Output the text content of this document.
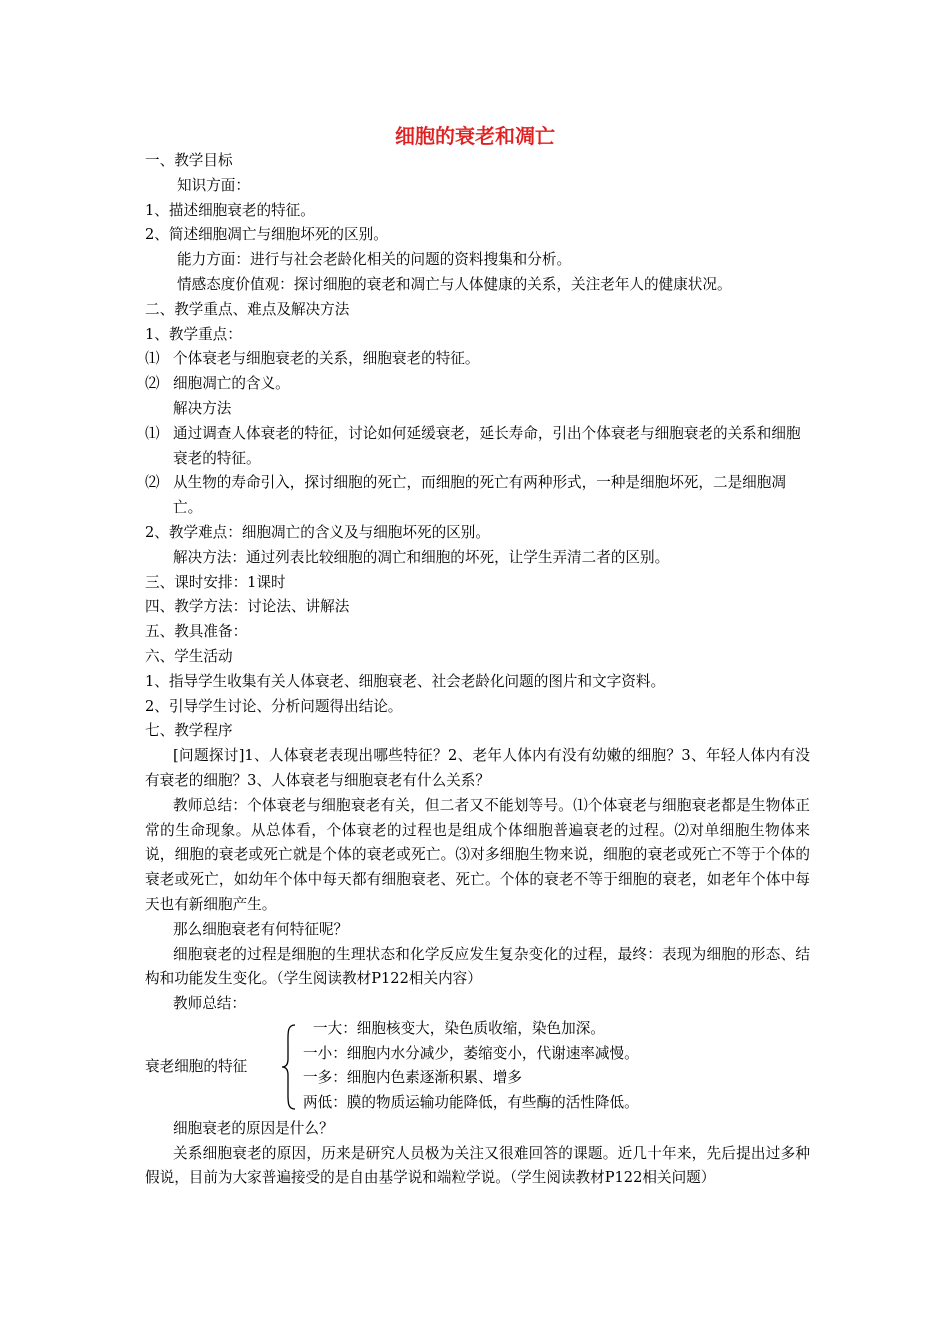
细胞的衰老和凋亡

一、教学目标

知识方面：

1、描述细胞衰老的特征。

2、简述细胞凋亡与细胞坏死的区别。

能力方面：进行与社会老龄化相关的问题的资料搜集和分析。

情感态度价值观：探讨细胞的衰老和凋亡与人体健康的关系，关注老年人的健康状况。

二、教学重点、难点及解决方法

1、教学重点：

⑴ 个体衰老与细胞衰老的关系，细胞衰老的特征。

⑵ 细胞凋亡的含义。

解决方法

⑴ 通过调查人体衰老的特征，讨论如何延缓衰老，延长寿命，引出个体衰老与细胞衰老的关系和细胞衰老的特征。

⑵ 从生物的寿命引入，探讨细胞的死亡，而细胞的死亡有两种形式，一种是细胞坏死，二是细胞凋亡。

2、教学难点：细胞凋亡的含义及与细胞坏死的区别。

解决方法：通过列表比较细胞的凋亡和细胞的坏死，让学生弄清二者的区别。

三、课时安排：1课时

四、教学方法：讨论法、讲解法

五、教具准备：

六、学生活动

1、指导学生收集有关人体衰老、细胞衰老、社会老龄化问题的图片和文字资料。

2、引导学生讨论、分析问题得出结论。

七、教学程序

[问题探讨]1、人体衰老表现出哪些特征？2、老年人体内有没有幼嫩的细胞？3、年轻人体内有没有衰老的细胞？3、人体衰老与细胞衰老有什么关系？

教师总结：个体衰老与细胞衰老有关，但二者又不能划等号。⑴个体衰老与细胞衰老都是生物体正常的生命现象。从总体看，个体衰老的过程也是组成个体细胞普遍衰老的过程。⑵对单细胞生物体来说，细胞的衰老或死亡就是个体的衰老或死亡。⑶对多细胞生物来说，细胞的衰老或死亡不等于个体的衰老或死亡，如幼年个体中每天都有细胞衰老、死亡。个体的衰老不等于细胞的衰老，如老年个体中每天也有新细胞产生。

那么细胞衰老有何特征呢？

细胞衰老的过程是细胞的生理状态和化学反应发生复杂变化的过程，最终：表现为细胞的形态、结构和功能发生变化。（学生阅读教材P122相关内容）

教师总结：

衰老细胞的特征

一大：细胞核变大，染色质收缩，染色加深。

一小：细胞内水分减少，萎缩变小，代谢速率减慢。

一多：细胞内色素逐渐积累、增多

两低：膜的物质运输功能降低，有些酶的活性降低。

细胞衰老的原因是什么？

关系细胞衰老的原因，历来是研究人员极为关注又很难回答的课题。近几十年来，先后提出过多种假说，目前为大家普遍接受的是自由基学说和端粒学说。（学生阅读教材P122相关问题）
